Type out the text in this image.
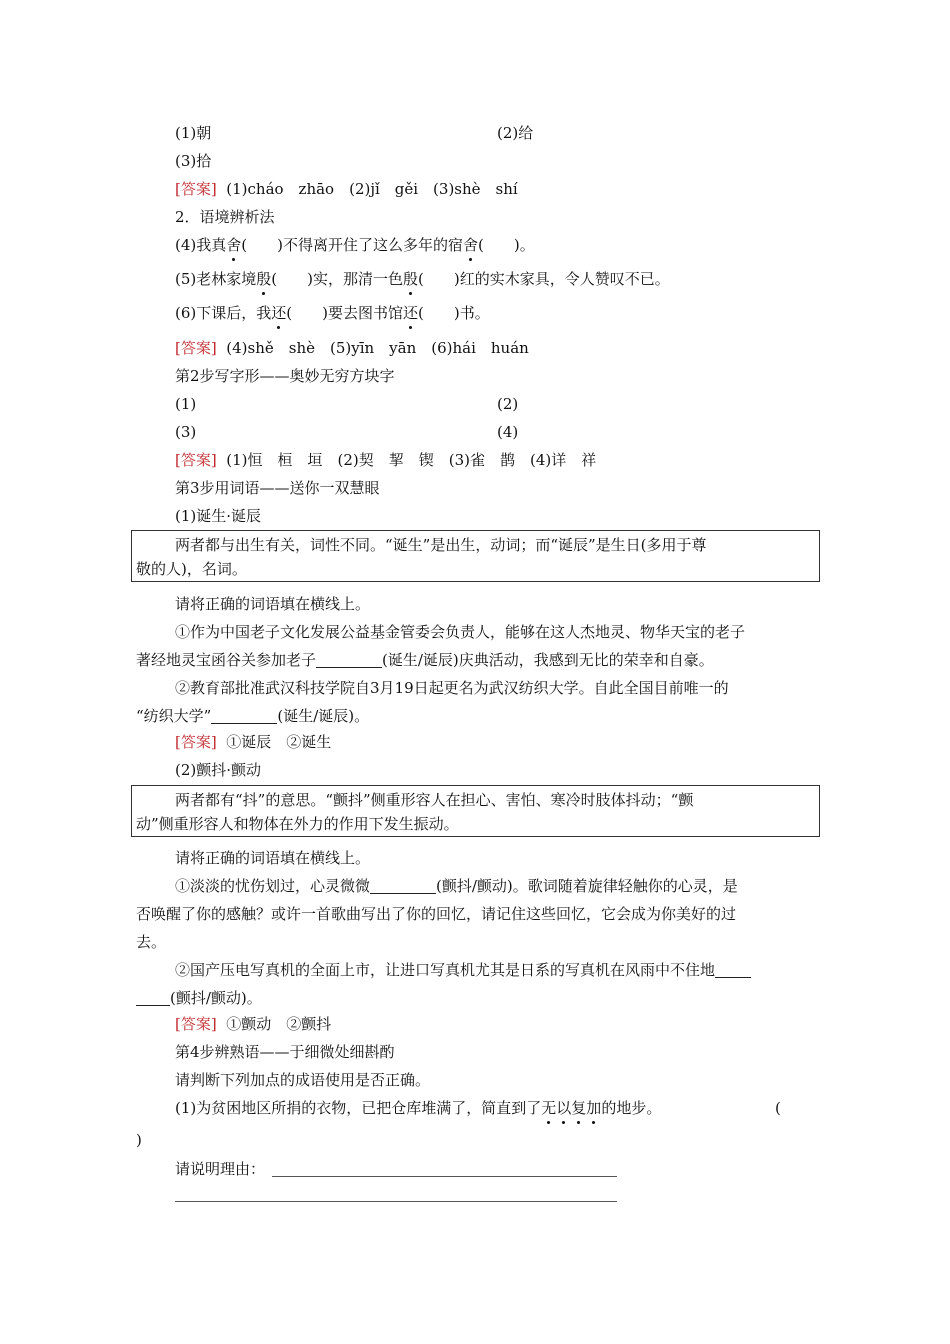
(1)朝	(2)给
(3)拾
[答案] (1)cháo　zhāo　(2)jǐ　gěi　(3)shè　shí
2．语境辨析法
(4)我真舍(　　)不得离开住了这么多年的宿舍(　　)。
(5)老林家境殷(　　)实，那清一色殷(　　)红的实木家具，令人赞叹不已。
(6)下课后，我还(　　)要去图书馆还(　　)书。
[答案] (4)shě　shè　(5)yīn　yān　(6)hái　huán
第2步写字形——奥妙无穷方块字
(1)	(2)
(3)	(4)
[答案] (1)恒　桓　垣　(2)契　挈　锲　(3)雀　鹊　(4)详　祥
第3步用词语——送你一双慧眼
(1)诞生·诞辰
两者都与出生有关，词性不同。“诞生”是出生，动词；而“诞辰”是生日(多用于尊
敬的人)，名词。
请将正确的词语填在横线上。
①作为中国老子文化发展公益基金管委会负责人，能够在这人杰地灵、物华天宝的老子
著经地灵宝函谷关参加老子	(诞生/诞辰)庆典活动，我感到无比的荣幸和自豪。
②教育部批准武汉科技学院自3月19日起更名为武汉纺织大学。自此全国目前唯一的
“纺织大学”	(诞生/诞辰)。
[答案] ①诞辰　②诞生
(2)颤抖·颤动
两者都有“抖”的意思。“颤抖”侧重形容人在担心、害怕、寒冷时肢体抖动；“颤
动”侧重形容人和物体在外力的作用下发生振动。
请将正确的词语填在横线上。
①淡淡的忧伤划过，心灵微微	(颤抖/颤动)。歌词随着旋律轻触你的心灵，是
否唤醒了你的感触？或许一首歌曲写出了你的回忆，请记住这些回忆，它会成为你美好的过
去。
②国产压电写真机的全面上市，让进口写真机尤其是日系的写真机在风雨中不住地
(颤抖/颤动)。
[答案] ①颤动　②颤抖
第4步辨熟语——于细微处细斟酌
请判断下列加点的成语使用是否正确。
(1)为贫困地区所捐的衣物，已把仓库堆满了，简直到了无以复加的地步。	(
)
请说明理由：
